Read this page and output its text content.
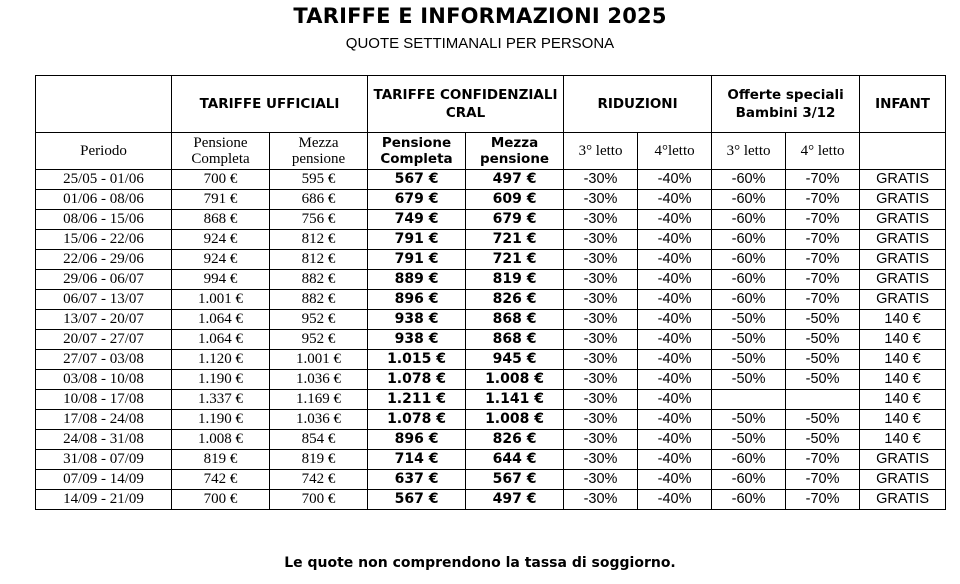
TARIFFE E INFORMAZIONI 2025
QUOTE SETTIMANALI PER PERSONA
	TARIFFE UFFICIALI		TARIFFE CONFIDENZIALI CRAL		RIDUZIONI		Offerte speciali Bambini 3/12		INFANT
Periodo	Pensione Completa	Mezza pensione	Pensione Completa	Mezza pensione	3° letto	4°letto	3° letto	4° letto	
25/05 - 01/06	700 €	595 €	567 €	497 €	-30%	-40%	-60%	-70%	GRATIS
01/06 - 08/06	791 €	686 €	679 €	609 €	-30%	-40%	-60%	-70%	GRATIS
08/06 - 15/06	868 €	756 €	749 €	679 €	-30%	-40%	-60%	-70%	GRATIS
15/06 - 22/06	924 €	812 €	791 €	721 €	-30%	-40%	-60%	-70%	GRATIS
22/06 - 29/06	924 €	812 €	791 €	721 €	-30%	-40%	-60%	-70%	GRATIS
29/06 - 06/07	994 €	882 €	889 €	819 €	-30%	-40%	-60%	-70%	GRATIS
06/07 - 13/07	1.001 €	882 €	896 €	826 €	-30%	-40%	-60%	-70%	GRATIS
13/07 - 20/07	1.064 €	952 €	938 €	868 €	-30%	-40%	-50%	-50%	140 €
20/07 - 27/07	1.064 €	952 €	938 €	868 €	-30%	-40%	-50%	-50%	140 €
27/07 - 03/08	1.120 €	1.001 €	1.015 €	945 €	-30%	-40%	-50%	-50%	140 €
03/08 - 10/08	1.190 €	1.036 €	1.078 €	1.008 €	-30%	-40%	-50%	-50%	140 €
10/08 - 17/08	1.337 €	1.169 €	1.211 €	1.141 €	-30%	-40%			140 €
17/08 - 24/08	1.190 €	1.036 €	1.078 €	1.008 €	-30%	-40%	-50%	-50%	140 €
24/08 - 31/08	1.008 €	854 €	896 €	826 €	-30%	-40%	-50%	-50%	140 €
31/08 - 07/09	819 €	819 €	714 €	644 €	-30%	-40%	-60%	-70%	GRATIS
07/09 - 14/09	742 €	742 €	637 €	567 €	-30%	-40%	-60%	-70%	GRATIS
14/09 - 21/09	700 €	700 €	567 €	497 €	-30%	-40%	-60%	-70%	GRATIS
Le quote non comprendono la tassa di soggiorno.
